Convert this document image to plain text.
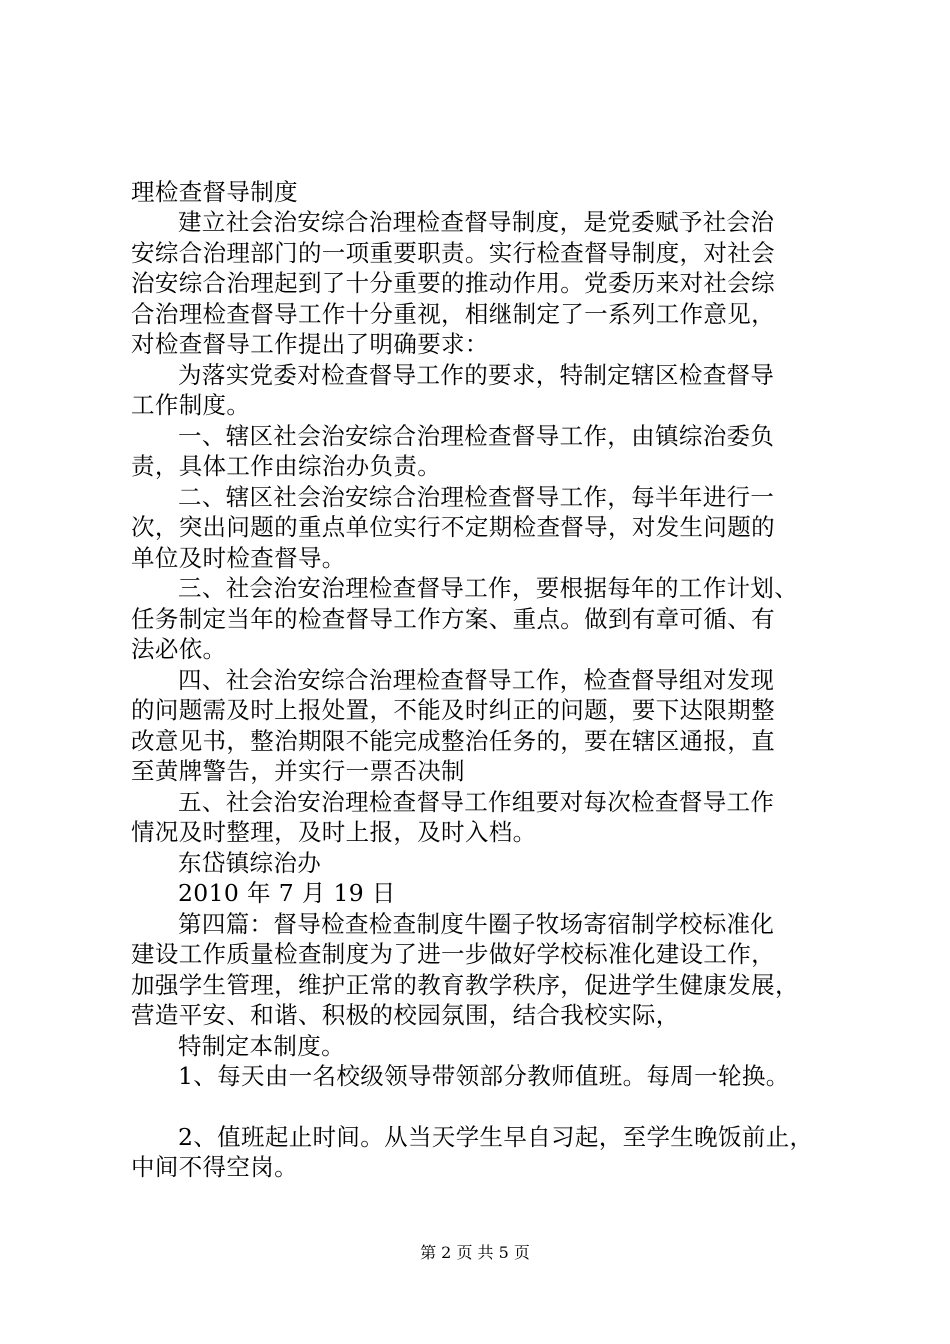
理检查督导制度
建立社会治安综合治理检查督导制度，是党委赋予社会治
安综合治理部门的一项重要职责。实行检查督导制度，对社会
治安综合治理起到了十分重要的推动作用。党委历来对社会综
合治理检查督导工作十分重视，相继制定了一系列工作意见，
对检查督导工作提出了明确要求：
为落实党委对检查督导工作的要求，特制定辖区检查督导
工作制度。
一、辖区社会治安综合治理检查督导工作，由镇综治委负
责，具体工作由综治办负责。
二、辖区社会治安综合治理检查督导工作，每半年进行一
次，突出问题的重点单位实行不定期检查督导，对发生问题的
单位及时检查督导。
三、社会治安治理检查督导工作，要根据每年的工作计划、
任务制定当年的检查督导工作方案、重点。做到有章可循、有
法必依。
四、社会治安综合治理检查督导工作，检查督导组对发现
的问题需及时上报处置，不能及时纠正的问题，要下达限期整
改意见书，整治期限不能完成整治任务的，要在辖区通报，直
至黄牌警告，并实行一票否决制
五、社会治安治理检查督导工作组要对每次检查督导工作
情况及时整理，及时上报，及时入档。
东岱镇综治办
2010 年 7 月 19 日
第四篇：督导检查检查制度牛圈子牧场寄宿制学校标准化
建设工作质量检查制度为了进一步做好学校标准化建设工作，
加强学生管理，维护正常的教育教学秩序，促进学生健康发展，
营造平安、和谐、积极的校园氛围，结合我校实际，
特制定本制度。
1、每天由一名校级领导带领部分教师值班。每周一轮换。
2、值班起止时间。从当天学生早自习起，至学生晚饭前止，
中间不得空岗。
第 2 页 共 5 页
